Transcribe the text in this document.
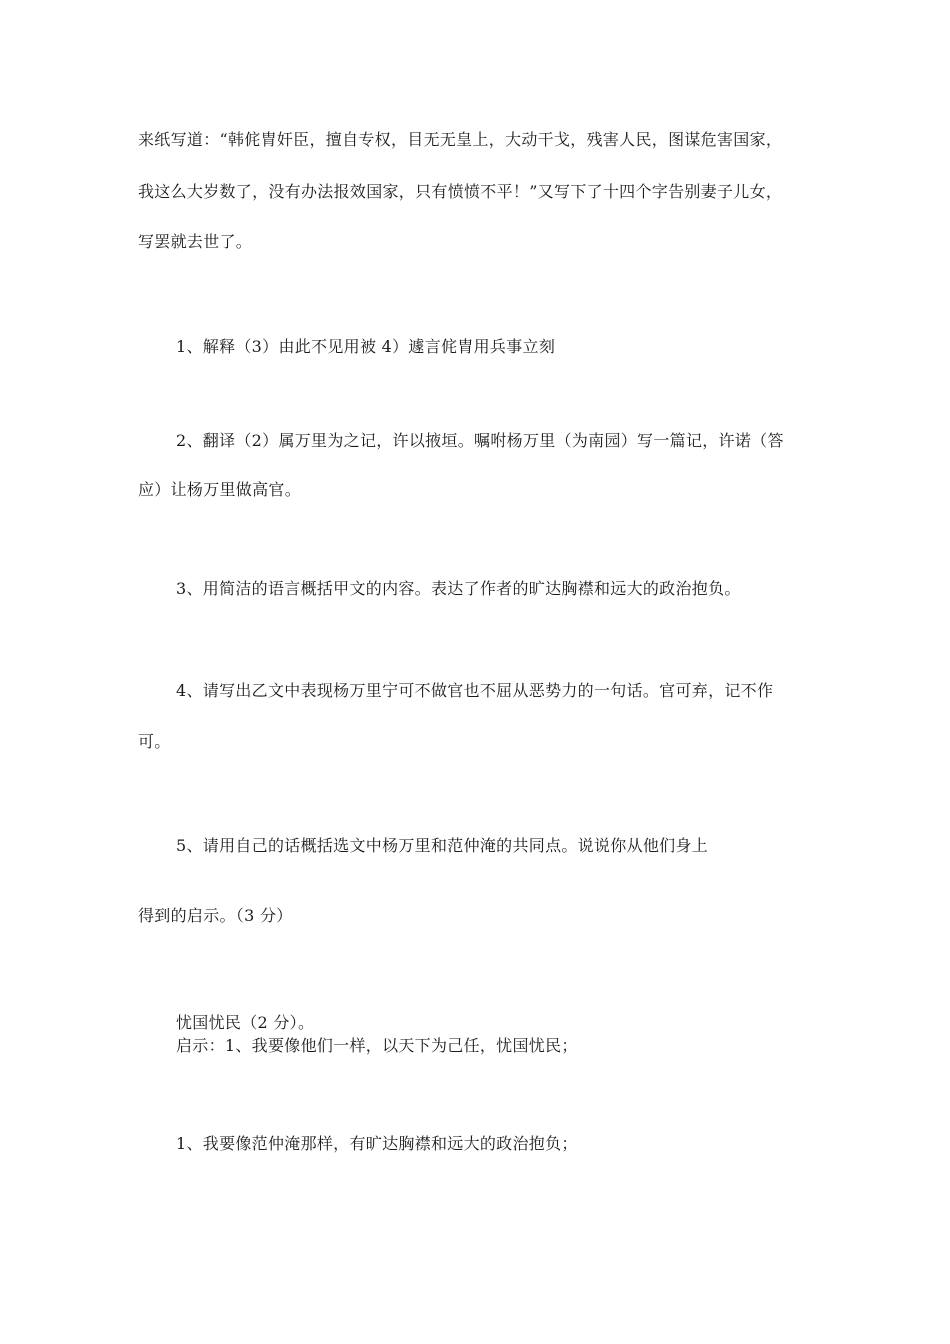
来纸写道：“韩侂胄奸臣，擅自专权，目无无皇上，大动干戈，残害人民，图谋危害国家，
我这么大岁数了，没有办法报效国家，只有愤愤不平！”又写下了十四个字告别妻子儿女，
写罢就去世了。
1、解释（3）由此不见用被 4）遽言侂胄用兵事立刻
2、翻译（2）属万里为之记，许以掖垣。嘱咐杨万里（为南园）写一篇记，许诺（答
应）让杨万里做高官。
3、用简洁的语言概括甲文的内容。表达了作者的旷达胸襟和远大的政治抱负。
4、请写出乙文中表现杨万里宁可不做官也不屈从恶势力的一句话。官可弃，记不作
可。
5、请用自己的话概括选文中杨万里和范仲淹的共同点。说说你从他们身上
得到的启示。（3 分）
忧国忧民（2 分）。
启示：1、我要像他们一样，以天下为己任，忧国忧民；
1、我要像范仲淹那样，有旷达胸襟和远大的政治抱负；
